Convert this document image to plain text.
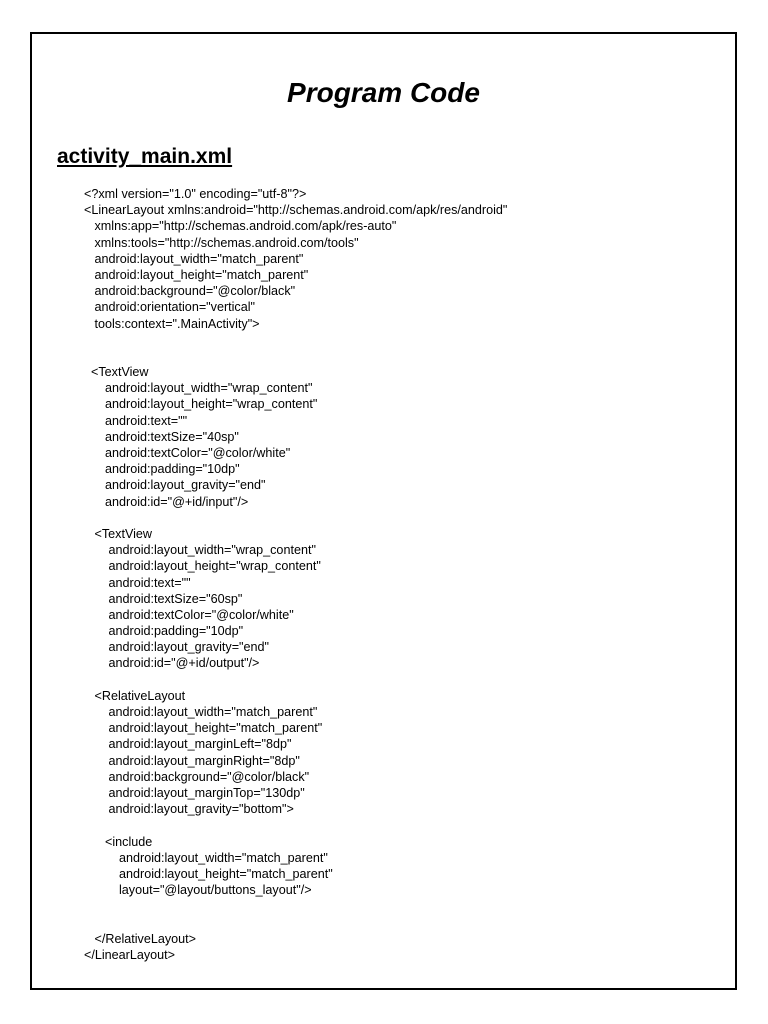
Program Code
activity_main.xml
<?xml version="1.0" encoding="utf-8"?>
<LinearLayout xmlns:android="http://schemas.android.com/apk/res/android"
xmlns:app="http://schemas.android.com/apk/res-auto"
xmlns:tools="http://schemas.android.com/tools"
android:layout_width="match_parent"
android:layout_height="match_parent"
android:background="@color/black"
android:orientation="vertical"
tools:context=".MainActivity">
<TextView
android:layout_width="wrap_content"
android:layout_height="wrap_content"
android:text=""
android:textSize="40sp"
android:textColor="@color/white"
android:padding="10dp"
android:layout_gravity="end"
android:id="@+id/input"/>
<TextView
android:layout_width="wrap_content"
android:layout_height="wrap_content"
android:text=""
android:textSize="60sp"
android:textColor="@color/white"
android:padding="10dp"
android:layout_gravity="end"
android:id="@+id/output"/>
<RelativeLayout
android:layout_width="match_parent"
android:layout_height="match_parent"
android:layout_marginLeft="8dp"
android:layout_marginRight="8dp"
android:background="@color/black"
android:layout_marginTop="130dp"
android:layout_gravity="bottom">
<include
android:layout_width="match_parent"
android:layout_height="match_parent"
layout="@layout/buttons_layout"/>
</RelativeLayout>
</LinearLayout>
